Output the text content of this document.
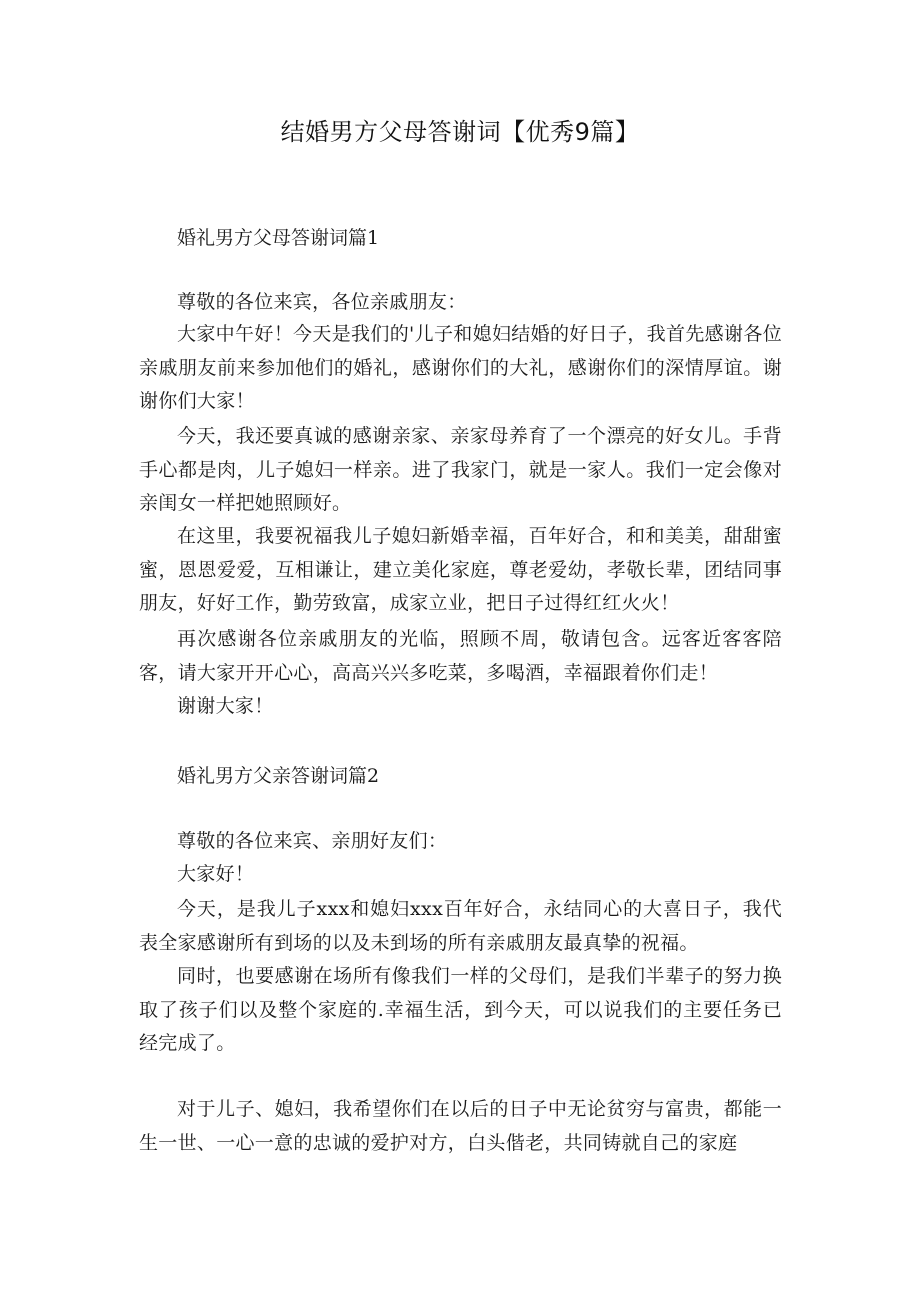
结婚男方父母答谢词【优秀9篇】

婚礼男方父母答谢词篇1

尊敬的各位来宾，各位亲戚朋友：

大家中午好！今天是我们的'儿子和媳妇结婚的好日子，我首先感谢各位亲戚朋友前来参加他们的婚礼，感谢你们的大礼，感谢你们的深情厚谊。谢谢你们大家！

今天，我还要真诚的感谢亲家、亲家母养育了一个漂亮的好女儿。手背手心都是肉，儿子媳妇一样亲。进了我家门，就是一家人。我们一定会像对亲闺女一样把她照顾好。

在这里，我要祝福我儿子媳妇新婚幸福，百年好合，和和美美，甜甜蜜蜜，恩恩爱爱，互相谦让，建立美化家庭，尊老爱幼，孝敬长辈，团结同事朋友，好好工作，勤劳致富，成家立业，把日子过得红红火火！

再次感谢各位亲戚朋友的光临，照顾不周，敬请包含。远客近客客陪客，请大家开开心心，高高兴兴多吃菜，多喝酒，幸福跟着你们走！

谢谢大家！

婚礼男方父亲答谢词篇2

尊敬的各位来宾、亲朋好友们：

大家好！

今天，是我儿子xxx和媳妇xxx百年好合，永结同心的大喜日子，我代表全家感谢所有到场的以及未到场的所有亲戚朋友最真挚的祝福。

同时，也要感谢在场所有像我们一样的父母们，是我们半辈子的努力换取了孩子们以及整个家庭的.幸福生活，到今天，可以说我们的主要任务已经完成了。

对于儿子、媳妇，我希望你们在以后的日子中无论贫穷与富贵，都能一生一世、一心一意的忠诚的爱护对方，白头偕老，共同铸就自己的家庭
